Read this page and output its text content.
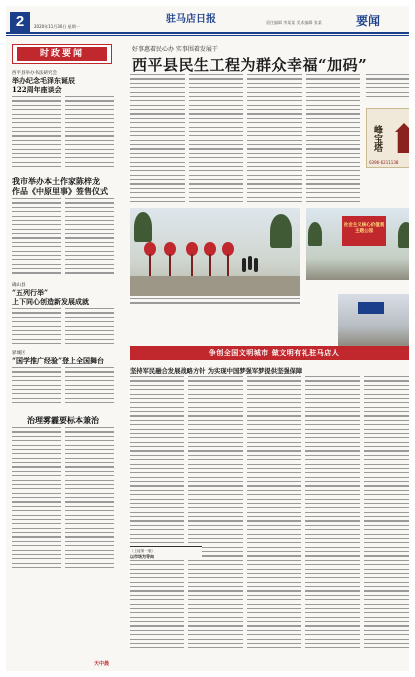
2	2020年11月30日 星期一
驻马店日报	责任编辑 李某某 美术编辑 张某	要闻
时政要闻
西平县举办书法研究会
举办纪念毛泽东诞辰
122周年座谈会
我市举办本土作家陈梓龙
作品《中原里事》签售仪式
确山县
“五列行举”
上下同心创造新发展成就
驿城区
“国学推广经验”登上全国舞台
治理雾霾要标本兼治
天中晨
好事惠着民心办 实事围着发展干
西平县民生工程为群众幸福“加码”
峰宝塔
0396-6211138
社会主义核心价值观主题公园
争创全国文明城市 做文明有礼驻马店人
坚持军民融合发展战略方针 为实现中国梦强军梦提供坚强保障
（上接第一版）
以市场为导向
